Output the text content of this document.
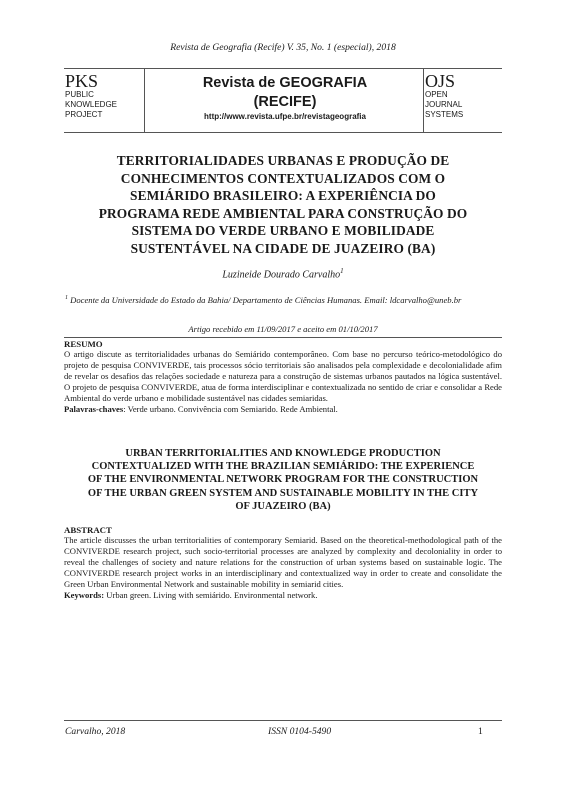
Revista de Geografia (Recife) V. 35, No. 1 (especial), 2018
PKS
PUBLIC
KNOWLEDGE
PROJECT
Revista de GEOGRAFIA
(RECIFE)
http://www.revista.ufpe.br/revistageografia
OJS
OPEN
JOURNAL
SYSTEMS
TERRITORIALIDADES URBANAS E PRODUÇÃO DE
CONHECIMENTOS CONTEXTUALIZADOS COM O
SEMIÁRIDO BRASILEIRO: A EXPERIÊNCIA DO
PROGRAMA REDE AMBIENTAL PARA CONSTRUÇÃO DO
SISTEMA DO VERDE URBANO E MOBILIDADE
SUSTENTÁVEL NA CIDADE DE JUAZEIRO (BA)
Luzineide Dourado Carvalho$^1$
$^1$ Docente da Universidade do Estado da Bahia/ Departamento de Ciências Humanas. Email: ldcarvalho@uneb.br
Artigo recebido em 11/09/2017 e aceito em 01/10/2017
RESUMO
O artigo discute as territorialidades urbanas do Semiárido contemporâneo. Com base no percurso teórico-metodológico do projeto de pesquisa CONVIVERDE, tais processos sócio territoriais são analisados pela complexidade e decolonialidade afim de revelar os desafios das relações sociedade e natureza para a construção de sistemas urbanos pautados na lógica sustentável. O projeto de pesquisa CONVIVERDE, atua de forma interdisciplinar e contextualizada no sentido de criar e consolidar a Rede Ambiental do verde urbano e mobilidade sustentável nas cidades semiaridas.
Palavras-chaves: Verde urbano. Convivência com Semiarido. Rede Ambiental.
URBAN TERRITORIALITIES AND KNOWLEDGE PRODUCTION
CONTEXTUALIZED WITH THE BRAZILIAN SEMIÁRIDO: THE EXPERIENCE
OF THE ENVIRONMENTAL NETWORK PROGRAM FOR THE CONSTRUCTION
OF THE URBAN GREEN SYSTEM AND SUSTAINABLE MOBILITY IN THE CITY
OF JUAZEIRO (BA)
ABSTRACT
The article discusses the urban territorialities of contemporary Semiarid. Based on the theoretical-methodological path of the CONVIVERDE research project, such socio-territorial processes are analyzed by complexity and decoloniality in order to reveal the challenges of society and nature relations for the construction of urban systems based on sustainable logic. The CONVIVERDE research project works in an interdisciplinary and contextualized way in order to create and consolidate the Green Urban Environmental Network and sustainable mobility in semiarid cities.
Keywords: Urban green. Living with semiárido. Environmental network.
Carvalho, 2018	ISSN 0104-5490	1
